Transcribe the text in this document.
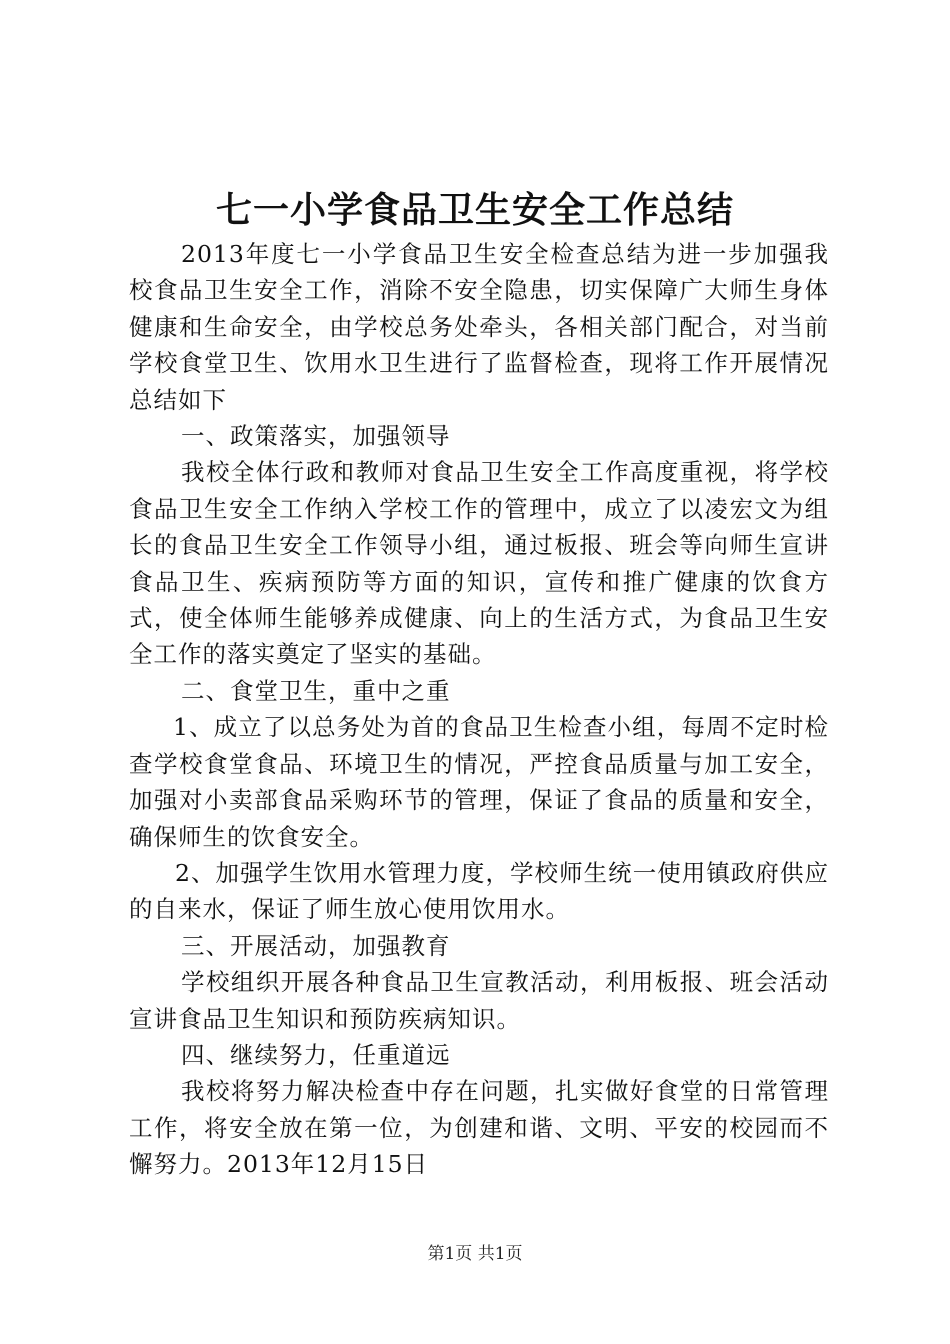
七一小学食品卫生安全工作总结

2013年度七一小学食品卫生安全检查总结为进一步加强我校食品卫生安全工作，消除不安全隐患，切实保障广大师生身体健康和生命安全，由学校总务处牵头，各相关部门配合，对当前学校食堂卫生、饮用水卫生进行了监督检查，现将工作开展情况总结如下

一、政策落实，加强领导

我校全体行政和教师对食品卫生安全工作高度重视，将学校食品卫生安全工作纳入学校工作的管理中，成立了以凌宏文为组长的食品卫生安全工作领导小组，通过板报、班会等向师生宣讲食品卫生、疾病预防等方面的知识，宣传和推广健康的饮食方式，使全体师生能够养成健康、向上的生活方式，为食品卫生安全工作的落实奠定了坚实的基础。

二、食堂卫生，重中之重

1、成立了以总务处为首的食品卫生检查小组，每周不定时检查学校食堂食品、环境卫生的情况，严控食品质量与加工安全，加强对小卖部食品采购环节的管理，保证了食品的质量和安全，确保师生的饮食安全。

2、加强学生饮用水管理力度，学校师生统一使用镇政府供应的自来水，保证了师生放心使用饮用水。

三、开展活动，加强教育

学校组织开展各种食品卫生宣教活动，利用板报、班会活动宣讲食品卫生知识和预防疾病知识。

四、继续努力，任重道远

我校将努力解决检查中存在问题，扎实做好食堂的日常管理工作，将安全放在第一位，为创建和谐、文明、平安的校园而不懈努力。2013年12月15日

第1页 共1页
